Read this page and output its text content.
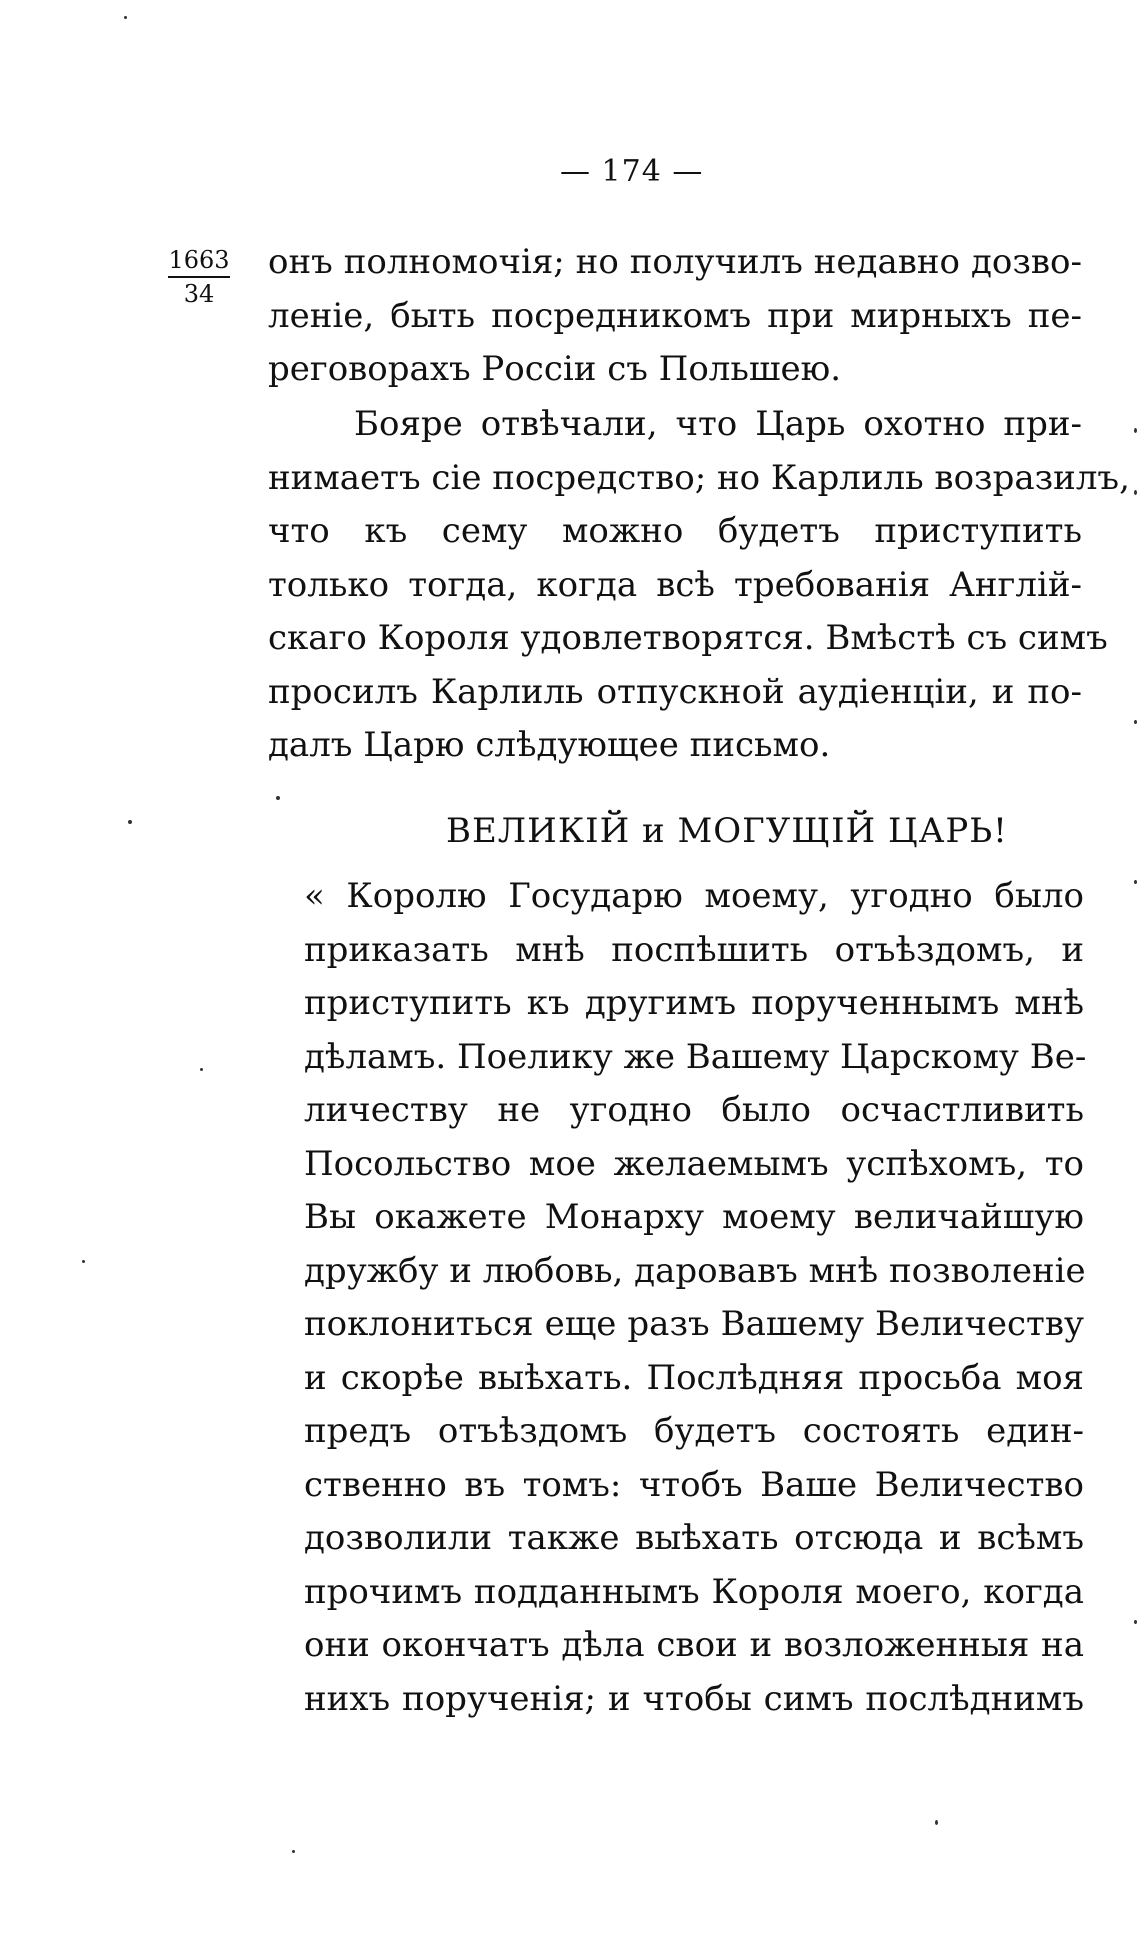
— 174 —
1663
34
онъ полномочія; но получилъ недавно дозво-
леніе, быть посредникомъ при мирныхъ пе-
реговорахъ Россіи съ Польшею.
Бояре отвѣчали, что Царь охотно при-
нимаетъ сіе посредство; но Карлиль возразилъ,
что къ сему можно будетъ приступить
только тогда, когда всѣ требованія Англій-
скаго Короля удовлетворятся. Вмѣстѣ съ симъ
просилъ Карлиль отпускной аудіенціи, и по-
далъ Царю слѣдующее письмо.
ВЕЛИКІЙ и МОГУЩІЙ ЦАРЬ!
« Королю Государю моему, угодно было
приказать мнѣ поспѣшить отъѣздомъ, и
приступить къ другимъ порученнымъ мнѣ
дѣламъ. Поелику же Вашему Царскому Ве-
личеству не угодно было осчастливить
Посольство мое желаемымъ успѣхомъ, то
Вы окажете Монарху моему величайшую
дружбу и любовь, даровавъ мнѣ позволеніе
поклониться еще разъ Вашему Величеству
и скорѣе выѣхать. Послѣдняя просьба моя
предъ отъѣздомъ будетъ состоять един-
ственно въ томъ: чтобъ Ваше Величество
дозволили также выѣхать отсюда и всѣмъ
прочимъ подданнымъ Короля моего, когда
они окончатъ дѣла свои и возложенныя на
нихъ порученія; и чтобы симъ послѣднимъ
